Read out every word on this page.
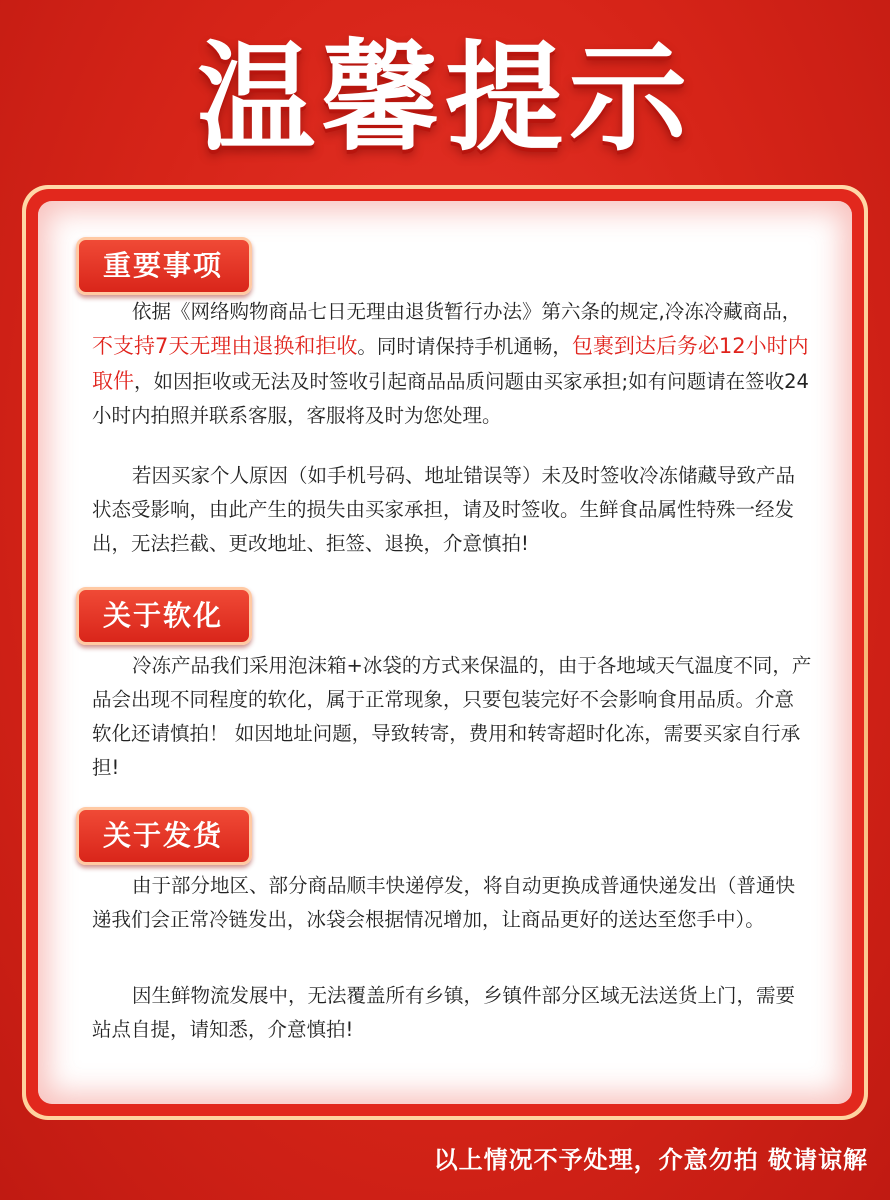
温馨提示
重要事项

依据《网络购物商品七日无理由退货暂行办法》第六条的规定,冷冻冷藏商品，不支持7天无理由退换和拒收。同时请保持手机通畅，包裹到达后务必12小时内取件，如因拒收或无法及时签收引起商品品质问题由买家承担;如有问题请在签收24小时内拍照并联系客服，客服将及时为您处理。

若因买家个人原因（如手机号码、地址错误等）未及时签收冷冻储藏导致产品状态受影响，由此产生的损失由买家承担，请及时签收。生鲜食品属性特殊一经发出，无法拦截、更改地址、拒签、退换，介意慎拍!

关于软化

冷冻产品我们采用泡沫箱+冰袋的方式来保温的，由于各地域天气温度不同，产品会出现不同程度的软化，属于正常现象，只要包装完好不会影响食用品质。介意软化还请慎拍！ 如因地址问题，导致转寄，费用和转寄超时化冻，需要买家自行承担!

关于发货

由于部分地区、部分商品顺丰快递停发，将自动更换成普通快递发出（普通快递我们会正常冷链发出，冰袋会根据情况增加，让商品更好的送达至您手中）。

因生鲜物流发展中，无法覆盖所有乡镇，乡镇件部分区域无法送货上门，需要站点自提，请知悉，介意慎拍!

以上情况不予处理，介意勿拍 敬请谅解
